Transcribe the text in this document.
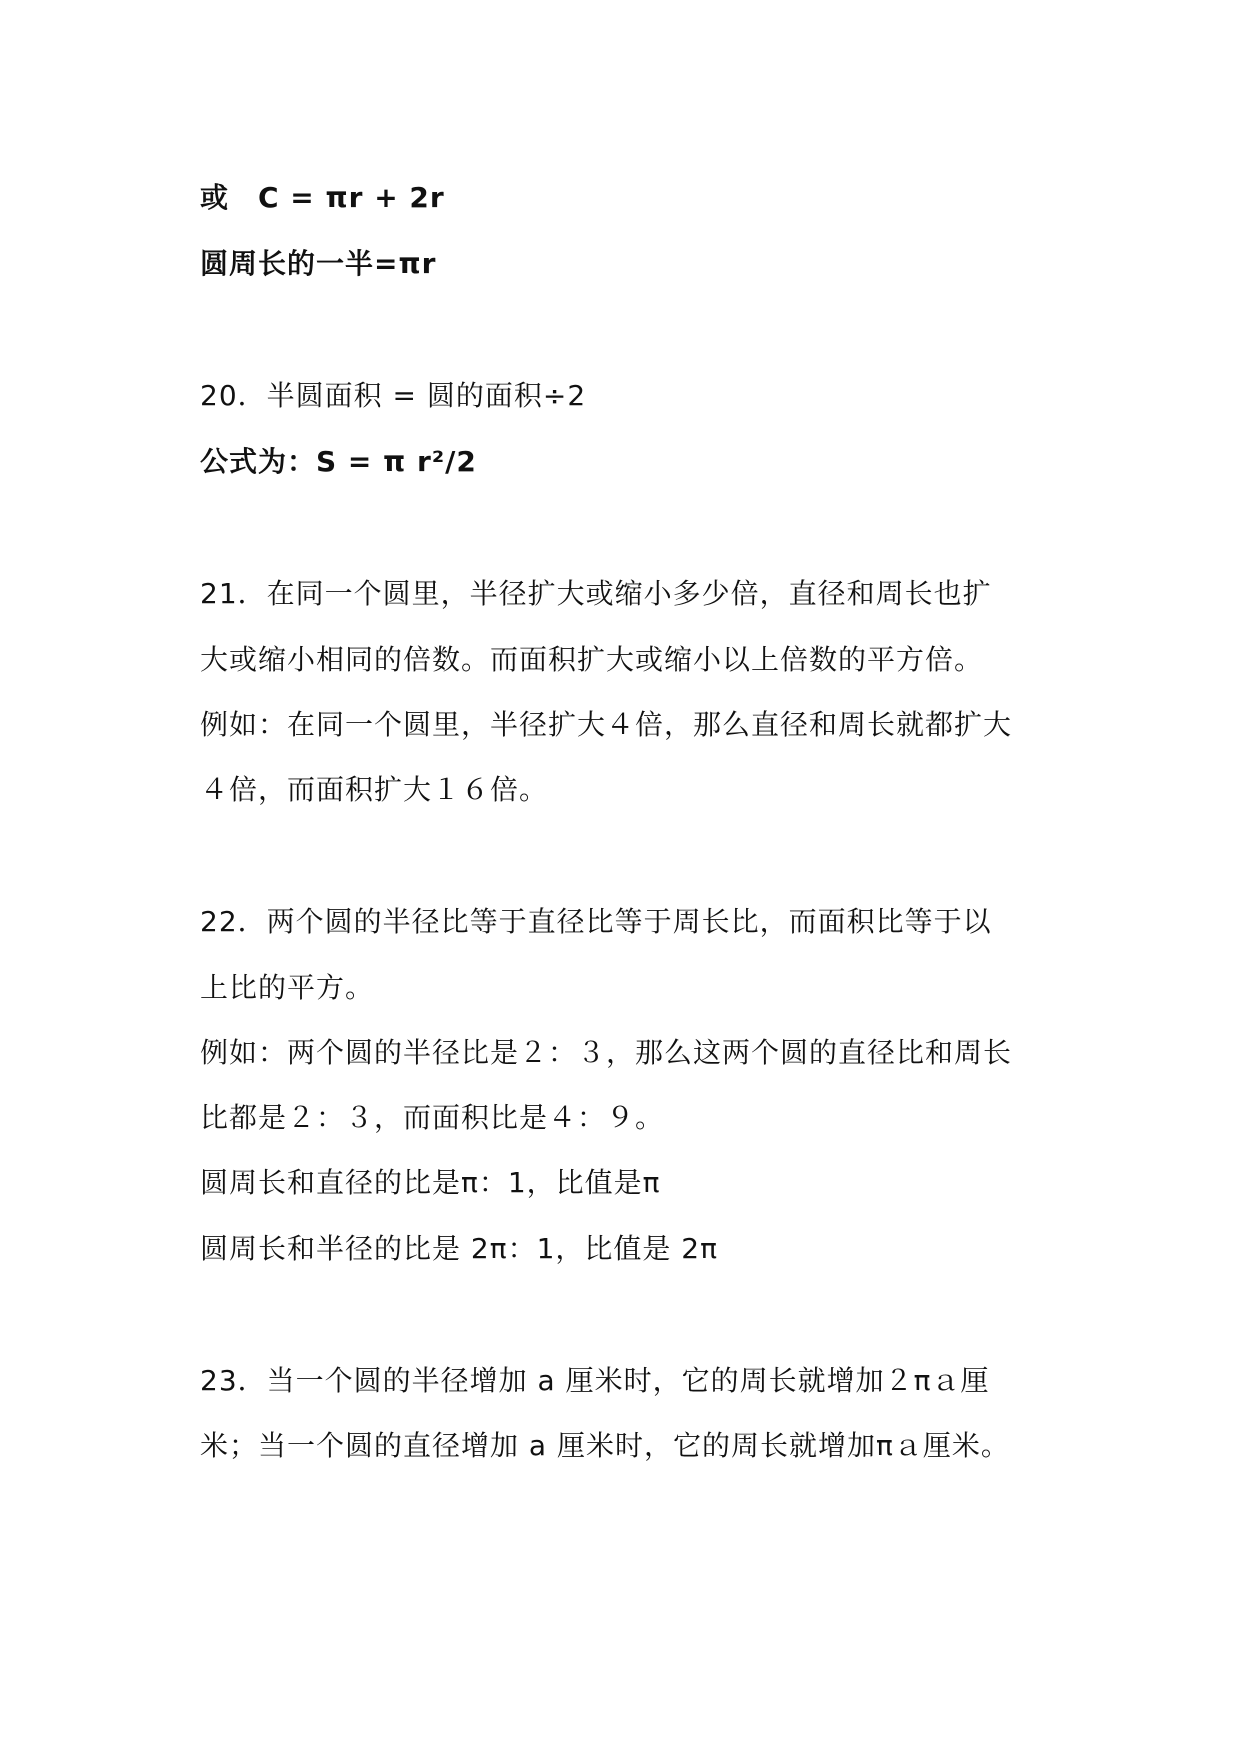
或　C = πr + 2r
圆周长的一半=πr
20．半圆面积 = 圆的面积÷2
公式为：S = π r²/2
21．在同一个圆里，半径扩大或缩小多少倍，直径和周长也扩
大或缩小相同的倍数。而面积扩大或缩小以上倍数的平方倍。
例如：在同一个圆里，半径扩大４倍，那么直径和周长就都扩大
４倍，而面积扩大１６倍。
22．两个圆的半径比等于直径比等于周长比，而面积比等于以
上比的平方。
例如：两个圆的半径比是２：３，那么这两个圆的直径比和周长
比都是２：３，而面积比是４：９。
圆周长和直径的比是π：1，比值是π
圆周长和半径的比是 2π：1，比值是 2π
23．当一个圆的半径增加 a 厘米时，它的周长就增加２πａ厘
米；当一个圆的直径增加 a 厘米时，它的周长就增加πａ厘米。
